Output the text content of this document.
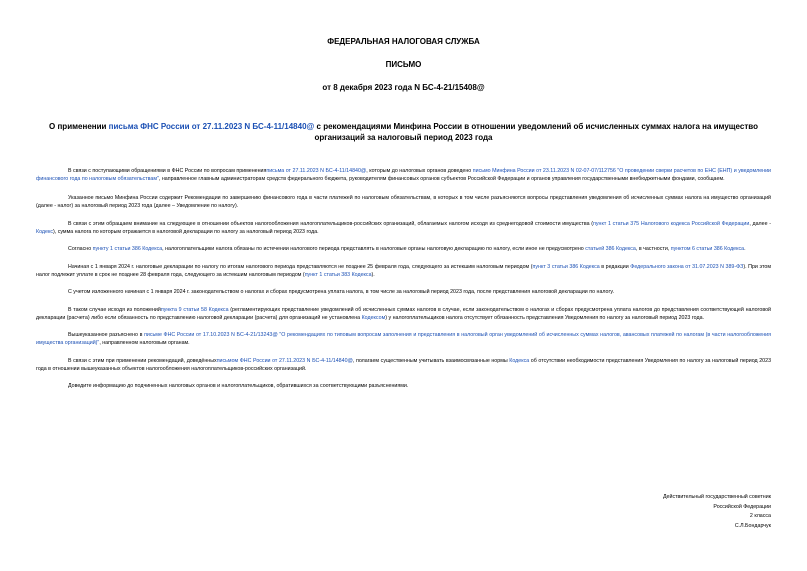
ФЕДЕРАЛЬНАЯ НАЛОГОВАЯ СЛУЖБА
ПИСЬМО
от 8 декабря 2023 года N БС-4-21/15408@
О применении письма ФНС России от 27.11.2023 N БС-4-11/14840@ с рекомендациями Минфина России в отношении уведомлений об исчисленных суммах налога на имущество организаций за налоговый период 2023 года

В связи с поступающими обращениями в ФНС России по вопросам примененияписьма от 27.11.2023 N БС-4-11/14840@, которым до налоговых органов доведено письмо Минфина России от 23.11.2023 N 02-07-07/112756 "О проведении сверки расчетов по ЕНС (ЕНП) и уведомлении финансового года по налоговым обязательствам", направленное главным администраторам средств федерального бюджета, руководителям финансовых органов субъектов Российской Федерации и органов управления государственными внебюджетными фондами, сообщаем.

Указанное письмо Минфина России содержит Рекомендации по завершению финансового года в части платежей по налоговым обязательствам, в которых в том числе разъясняются вопросы представления уведомления об исчисленных суммах налога на имущество организаций (далее - налог) за налоговый период 2023 года (далее – Уведомление по налогу).

В связи с этим обращаем внимание на следующее в отношении объектов налогообложения налогоплательщиков-российских организаций, облагаемых налогом исходя из среднегодовой стоимости имущества (пункт 1 статьи 375 Налогового кодекса Российской Федерации, далее - Кодекс), сумма налога по которым отражается в налоговой декларации по налогу за налоговый период 2023 года.

Согласно пункту 1 статьи 386 Кодекса, налогоплательщики налога обязаны по истечении налогового периода представлять в налоговые органы налоговую декларацию по налогу, если иное не предусмотрено статьей 386 Кодекса, в частности, пунктом 6 статьи 386 Кодекса.

Начиная с 1 января 2024 г. налоговые декларации по налогу по итогам налогового периода представляются не позднее 25 февраля года, следующего за истекшим налоговым периодом (пункт 3 статьи 386 Кодекса в редакции Федерального закона от 31.07.2023 N 389-ФЗ). При этом налог подлежит уплате в срок не позднее 28 февраля года, следующего за истекшим налоговым периодом (пункт 1 статьи 383 Кодекса).

С учетом изложенного начиная с 1 января 2024 г. законодательством о налогах и сборах предусмотрена уплата налога, в том числе за налоговый период 2023 года, после представления налоговой декларации по налогу.

В таком случае исходя из положенийпункта 9 статьи 58 Кодекса (регламентирующих представление уведомлений об исчисленных суммах налогов в случае, если законодательством о налогах и сборах предусмотрена уплата налогов до представления соответствующей налоговой декларации (расчета) либо если обязанность по представлению налоговой декларации (расчета) для организаций не установлена Кодексом) у налогоплательщиков налога отсутствует обязанность представления Уведомления по налогу за налоговый период 2023 года.

Вышеуказанное разъяснено в письме ФНС России от 17.10.2023 N БС-4-21/13243@ "О рекомендациях по типовым вопросам заполнения и представления в налоговый орган уведомлений об исчисленных суммах налогов, авансовых платежей по налогам (в части налогообложения имущества организаций)", направленном налоговым органам.

В связи с этим при применении рекомендаций, доведённыхписьмом ФНС России от 27.11.2023 N БС-4-11/14840@, полагаем существенным учитывать взаимосвязанные нормы Кодекса об отсутствии необходимости представления Уведомления по налогу за налоговый период 2023 года в отношении вышеуказанных объектов налогообложения налогоплательщиков-российских организаций.

Доведите информацию до подчиненных налоговых органов и налогоплательщиков, обратившихся за соответствующими разъяснениями.

Действительный государственный советник
Российской Федерации
2 класса
С.Л.Бондарчук
